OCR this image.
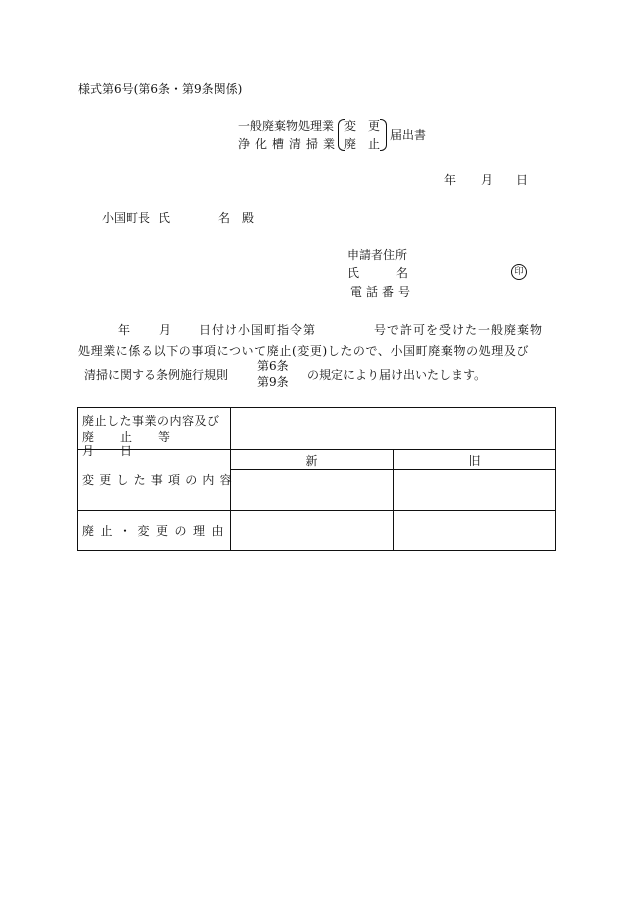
様式第6号(第6条・第9条関係)
一般廃棄物処理業
浄化槽清掃業
変 更
廃 止
届出書
年 月 日
小国町長 氏	名 殿
申請者住所
氏	名	印
電話番号
年 月 日付け小国町指令第	号で許可を受けた一般廃棄物
処理業に係る以下の事項について廃止(変更)したので、小国町廃棄物の処理及び
清掃に関する条例施行規則
第6条
第9条 の規定により届け出いたします。
廃止した事業の内容及び
廃止等月日
新	旧
変更した事項の内容
廃止・変更の理由
